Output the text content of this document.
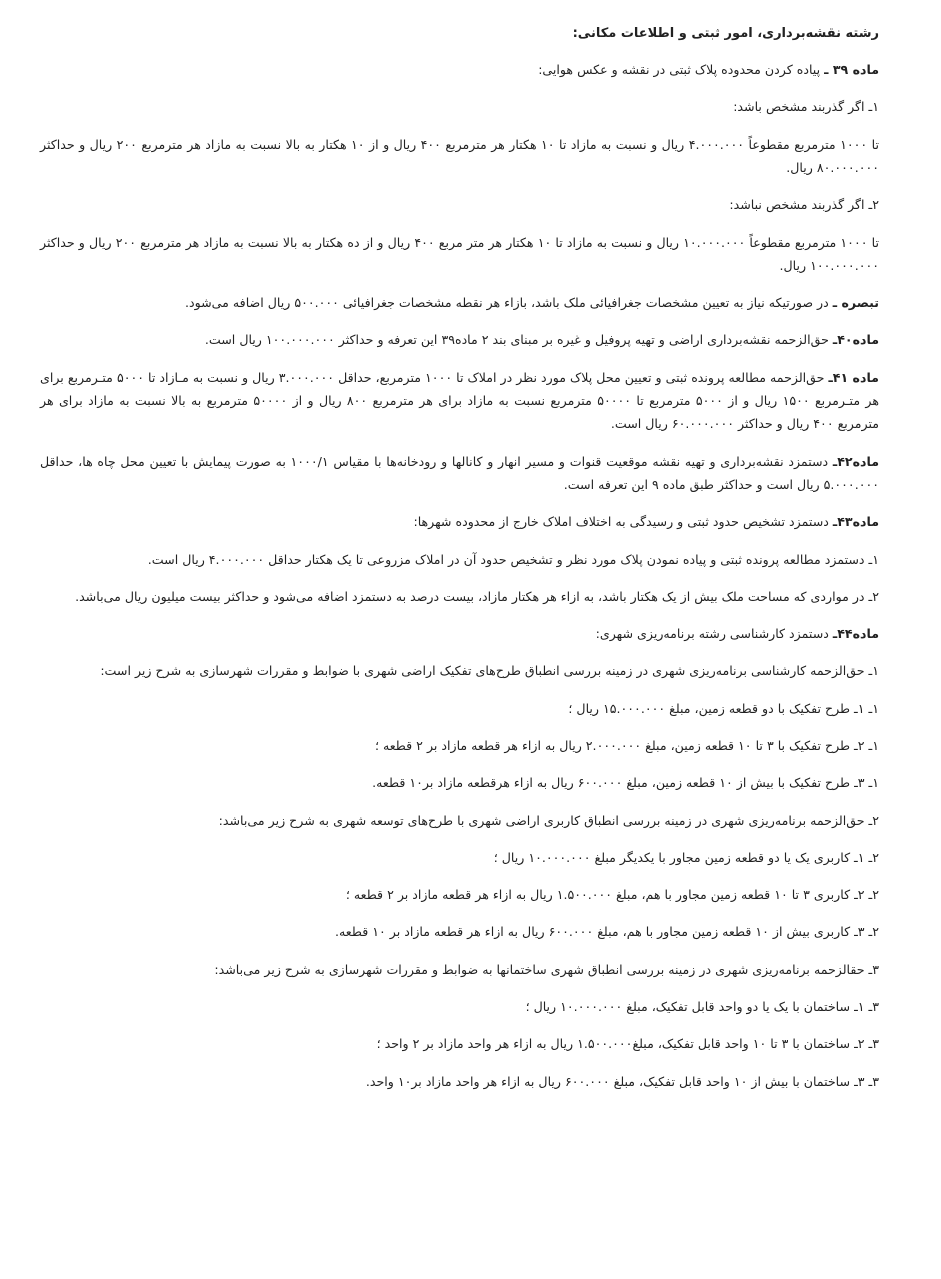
رشته نقشه‌برداری، امور ثبتی و اطلاعات مکانی:

ماده ۳۹ ـ پیاده کردن محدوده پلاک ثبتی در نقشه و عکس هوایی:

۱ـ اگر گذربند مشخص باشد:

تا ۱۰۰۰ مترمربع مقطوعاً ۴.۰۰۰.۰۰۰ ریال و نسبت به مازاد تا ۱۰ هکتار هر مترمربع ۴۰۰ ریال و از ۱۰ هکتار به بالا نسبت به مازاد هر مترمربع ۲۰۰ ریال و حداکثر ۸۰.۰۰۰.۰۰۰ ریال.

۲ـ اگر گذربند مشخص نباشد:

تا ۱۰۰۰ مترمربع مقطوعاً ۱۰.۰۰۰.۰۰۰ ریال و نسبت به مازاد تا ۱۰ هکتار هر متر مربع ۴۰۰ ریال و از ده هکتار به بالا نسبت به مازاد هر مترمربع ۲۰۰ ریال و حداکثر ۱۰۰.۰۰۰.۰۰۰ ریال.

تبصره ـ در صورتیکه نیاز به تعیین مشخصات جغرافیائی ملک باشد، بازاء هر نقطه مشخصات جغرافیائی ۵۰۰.۰۰۰ ریال اضافه می‌شود.

ماده۴۰ـ حق‌الزحمه نقشه‌برداری اراضی و تهیه پروفیل و غیره بر مبنای بند ۲ ماده۳۹ این تعرفه و حداکثر ۱۰۰.۰۰۰.۰۰۰ ریال است.

ماده ۴۱ـ حق‌الزحمه مطالعه پرونده ثبتی و تعیین محل پلاک مورد نظر در املاک تا ۱۰۰۰ مترمربع، حداقل ۳.۰۰۰.۰۰۰ ریال و نسبت به مـازاد تا ۵۰۰۰ متـرمربع برای هر متـرمربع ۱۵۰۰ ریال و از ۵۰۰۰ مترمربع تا ۵۰۰۰۰ مترمربع نسبت به مازاد برای هر مترمربع ۸۰۰ ریال و از ۵۰۰۰۰ مترمربع به بالا نسبت به مازاد برای هر مترمربع ۴۰۰ ریال و حداکثر ۶۰.۰۰۰.۰۰۰ ریال است.

ماده۴۲ـ دستمزد نقشه‌برداری و تهیه نقشه موقعیت قنوات و مسیر انهار و کانالها و رودخانه‌ها با مقیاس ۱۰۰۰/۱ به صورت پیمایش با تعیین محل چاه ها، حداقل ۵.۰۰۰.۰۰۰ ریال است و حداکثر طبق ماده ۹ این تعرفه است.

ماده۴۳ـ دستمزد تشخیص حدود ثبتی و رسیدگی به اختلاف املاک خارج از محدوده شهرها:

۱ـ دستمزد مطالعه پرونده ثبتی و پیاده نمودن پلاک مورد نظر و تشخیص حدود آن در املاک مزروعی تا یک هکتار حداقل ۴.۰۰۰.۰۰۰ ریال است.

۲ـ در مواردی که مساحت ملک بیش از یک هکتار باشد، به ازاء هر هکتار مازاد، بیست درصد به دستمزد اضافه می‌شود و حداکثر بیست میلیون ریال می‌باشد.

ماده۴۴ـ دستمزد کارشناسی رشته برنامه‌ریزی شهری:

۱ـ حق‌الزحمه کارشناسی برنامه‌ریزی شهری در زمینه بررسی انطباق طرح‌های تفکیک اراضی شهری با ضوابط و مقررات شهرسازی به شرح زیر است:

۱ـ ۱ـ طرح تفکیک با دو قطعه زمین، مبلغ ۱۵.۰۰۰.۰۰۰ ریال ؛

۱ـ ۲ـ طرح تفکیک با ۳ تا ۱۰ قطعه زمین، مبلغ ۲.۰۰۰.۰۰۰ ریال به ازاء هر قطعه مازاد بر ۲ قطعه ؛

۱ـ ۳ـ طرح تفکیک با بیش از ۱۰ قطعه زمین، مبلغ ۶۰۰.۰۰۰ ریال به ازاء هرقطعه مازاد بر۱۰ قطعه.

۲ـ حق‌الزحمه برنامه‌ریزی شهری در زمینه بررسی انطباق کاربری اراضی شهری با طرح‌های توسعه شهری به شرح زیر می‌باشد:

۲ـ ۱ـ کاربری یک یا دو قطعه زمین مجاور با یکدیگر مبلغ ۱۰.۰۰۰.۰۰۰ ریال ؛

۲ـ ۲ـ کاربری ۳ تا ۱۰ قطعه زمین مجاور با هم، مبلغ ۱.۵۰۰.۰۰۰ ریال به ازاء هر قطعه مازاد بر ۲ قطعه ؛

۲ـ ۳ـ کاربری بیش از ۱۰ قطعه زمین مجاور با هم، مبلغ ۶۰۰.۰۰۰ ریال به ازاء هر قطعه مازاد بر ۱۰ قطعه.

۳ـ حقالزحمه برنامه‌ریزی شهری در زمینه بررسی انطباق شهری ساختمانها به ضوابط و مقررات شهرسازی به شرح زیر می‌باشد:

۳ـ ۱ـ ساختمان با یک یا دو واحد قابل تفکیک، مبلغ ۱۰.۰۰۰.۰۰۰ ریال ؛

۳ـ ۲ـ ساختمان با ۳ تا ۱۰ واحد قابل تفکیک، مبلغ۱.۵۰۰.۰۰۰ ریال به ازاء هر واحد مازاد بر ۲ واحد ؛

۳ـ ۳ـ ساختمان با بیش از ۱۰ واحد قابل تفکیک، مبلغ ۶۰۰.۰۰۰ ریال به ازاء هر واحد مازاد بر۱۰ واحد.
